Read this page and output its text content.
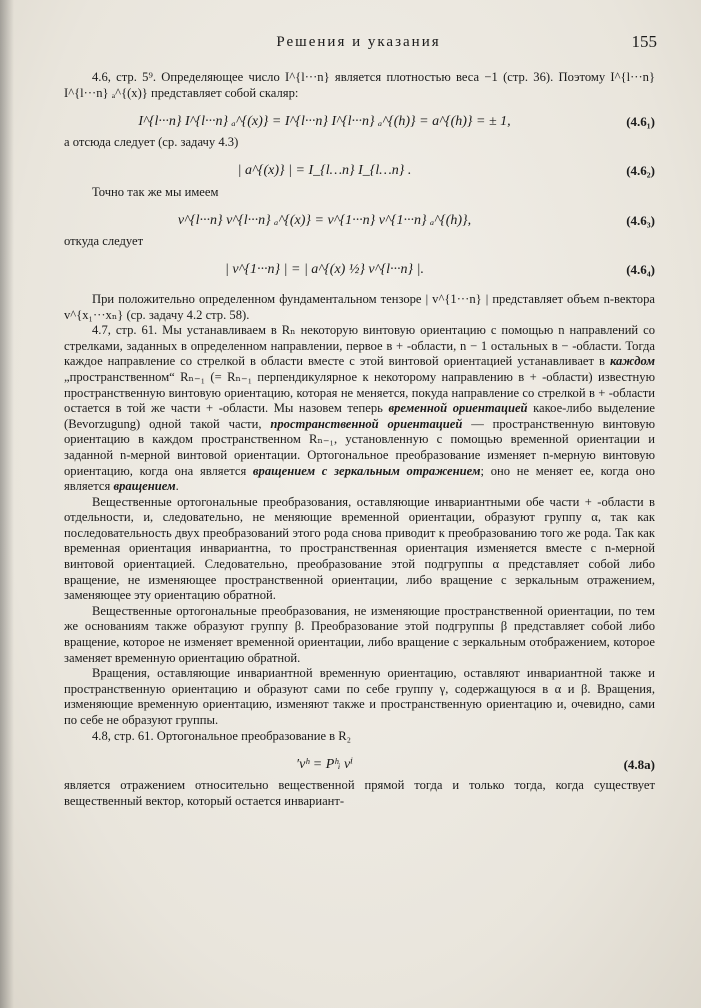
Решения и указания	155

4.6, стр. 5⁹. Определяющее число I^{l···n} является плотностью веса −1 (стр. 36). Поэтому I^{l···n} I^{l···n} ₐ^{(x)} представляет собой скаляр:

I^{l···n} I^{l···n} ₐ^{(x)} = I^{l···n} I^{l···n} ₐ^{(h)} = a^{(h)} = ± 1,	(4.6₁)

а отсюда следует (ср. задачу 4.3)

| a^{(x)} | = I_{l…n} I_{l…n} .	(4.6₂)

Точно так же мы имеем

v^{l···n} v^{l···n} ₐ^{(x)} = v^{1···n} v^{1···n} ₐ^{(h)},	(4.6₃)

откуда следует

| v^{1···n} | = | a^{(x) ½} v^{l···n} |.	(4.6₄)

При положительно определенном фундаментальном тензоре | v^{1···n} | представляет объем n-вектора v^{x₁···xₙ} (ср. задачу 4.2 стр. 58).

4.7, стр. 61. Мы устанавливаем в Rₙ некоторую винтовую ориентацию с помощью n направлений со стрелками, заданных в определенном направлении, первое в + -области, n − 1 остальных в − -области. Тогда каждое направление со стрелкой в области вместе с этой винтовой ориентацией устанавливает в каждом „пространственном“ Rₙ₋₁ (= Rₙ₋₁ перпендикулярное к некоторому направлению в + -области) известную пространственную винтовую ориентацию, которая не меняется, покуда направление со стрелкой в + -области остается в той же части + -области. Мы назовем теперь временной ориентацией какое-либо выделение (Bevorzugung) одной такой части, пространственной ориентацией — пространственную винтовую ориентацию в каждом пространственном Rₙ₋₁, установленную с помощью временной ориентации и заданной n-мерной винтовой ориентации. Ортогональное преобразование изменяет n-мерную винтовую ориентацию, когда она является вращением с зеркальным отражением; оно не меняет ее, когда оно является вращением.

Вещественные ортогональные преобразования, оставляющие инвариантными обе части + -области в отдельности, и, следовательно, не меняющие временной ориентации, образуют группу α, так как последовательность двух преобразований этого рода снова приводит к преобразованию того же рода. Так как временная ориентация инвариантна, то пространственная ориентация изменяется вместе с n-мерной винтовой ориентацией. Следовательно, преобразование этой подгруппы α представляет собой либо вращение, не изменяющее пространственной ориентации, либо вращение с зеркальным отражением, заменяющее эту ориентацию обратной.

Вещественные ортогональные преобразования, не изменяющие пространственной ориентации, по тем же основаниям также образуют группу β. Преобразование этой подгруппы β представляет собой либо вращение, которое не изменяет временной ориентации, либо вращение с зеркальным отображением, которое заменяет временную ориентацию обратной.

Вращения, оставляющие инвариантной временную ориентацию, оставляют инвариантной также и пространственную ориентацию и образуют сами по себе группу γ, содержащуюся в α и β. Вращения, изменяющие временную ориентацию, изменяют также и пространственную ориентацию и, очевидно, сами по себе не образуют группы.

4.8, стр. 61. Ортогональное преобразование в R₂

′vʰ = Pʰᵢ vⁱ	(4.8a)

является отражением относительно вещественной прямой тогда и только тогда, когда существует вещественный вектор, который остается инвариант-
